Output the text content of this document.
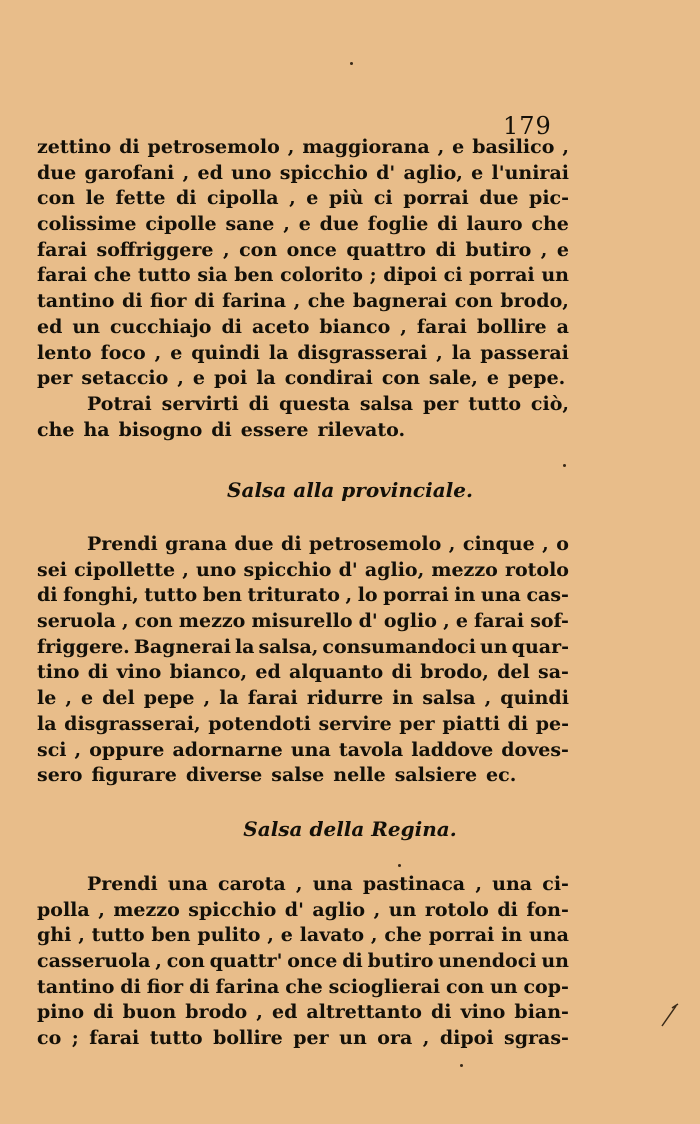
179
zettino di petrosemolo , maggiorana , e basilico ,
due garofani , ed uno spicchio d' aglio, e l'unirai
con le fette di cipolla , e più ci porrai due pic-
colissime cipolle sane , e due foglie di lauro che
farai soffriggere , con once quattro di butiro , e
farai che tutto sia ben colorito ; dipoi ci porrai un
tantino di fior di farina , che bagnerai con brodo,
ed un cucchiajo di aceto bianco , farai bollire a
lento foco , e quindi la disgrasserai , la passerai
per setaccio , e poi la condirai con sale, e pepe.
Potrai servirti di questa salsa per tutto ciò,
che ha bisogno di essere rilevato.
Salsa alla provinciale.
Prendi grana due di petrosemolo , cinque , o
sei cipollette , uno spicchio d' aglio, mezzo rotolo
di fonghi, tutto ben triturato , lo porrai in una cas-
seruola , con mezzo misurello d' oglio , e farai sof-
friggere. Bagnerai la salsa, consumandoci un quar-
tino di vino bianco, ed alquanto di brodo, del sa-
le , e del pepe , la farai ridurre in salsa , quindi
la disgrasserai, potendoti servire per piatti di pe-
sci , oppure adornarne una tavola laddove doves-
sero figurare diverse salse nelle salsiere ec.
Salsa della Regina.
Prendi una carota , una pastinaca , una ci-
polla , mezzo spicchio d' aglio , un rotolo di fon-
ghi , tutto ben pulito , e lavato , che porrai in una
casseruola , con quattr' once di butiro unendoci un
tantino di fior di farina che scioglierai con un cop-
pino di buon brodo , ed altrettanto di vino bian-
co ; farai tutto bollire per un ora , dipoi sgras-
